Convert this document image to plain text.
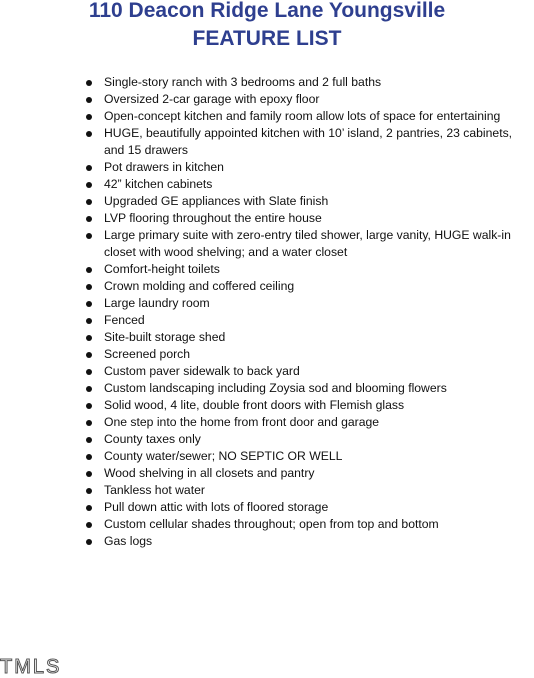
110 Deacon Ridge Lane Youngsville
FEATURE LIST
Single-story ranch with 3 bedrooms and 2 full baths
Oversized 2-car garage with epoxy floor
Open-concept kitchen and family room allow lots of space for entertaining
HUGE, beautifully appointed kitchen with 10’ island, 2 pantries, 23 cabinets, and 15 drawers
Pot drawers in kitchen
42” kitchen cabinets
Upgraded GE appliances with Slate finish
LVP flooring throughout the entire house
Large primary suite with zero-entry tiled shower, large vanity, HUGE walk-in closet with wood shelving; and a water closet
Comfort-height toilets
Crown molding and coffered ceiling
Large laundry room
Fenced
Site-built storage shed
Screened porch
Custom paver sidewalk to back yard
Custom landscaping including Zoysia sod and blooming flowers
Solid wood, 4 lite, double front doors with Flemish glass
One step into the home from front door and garage
County taxes only
County water/sewer; NO SEPTIC OR WELL
Wood shelving in all closets and pantry
Tankless hot water
Pull down attic with lots of floored storage
Custom cellular shades throughout; open from top and bottom
Gas logs
TMLS
